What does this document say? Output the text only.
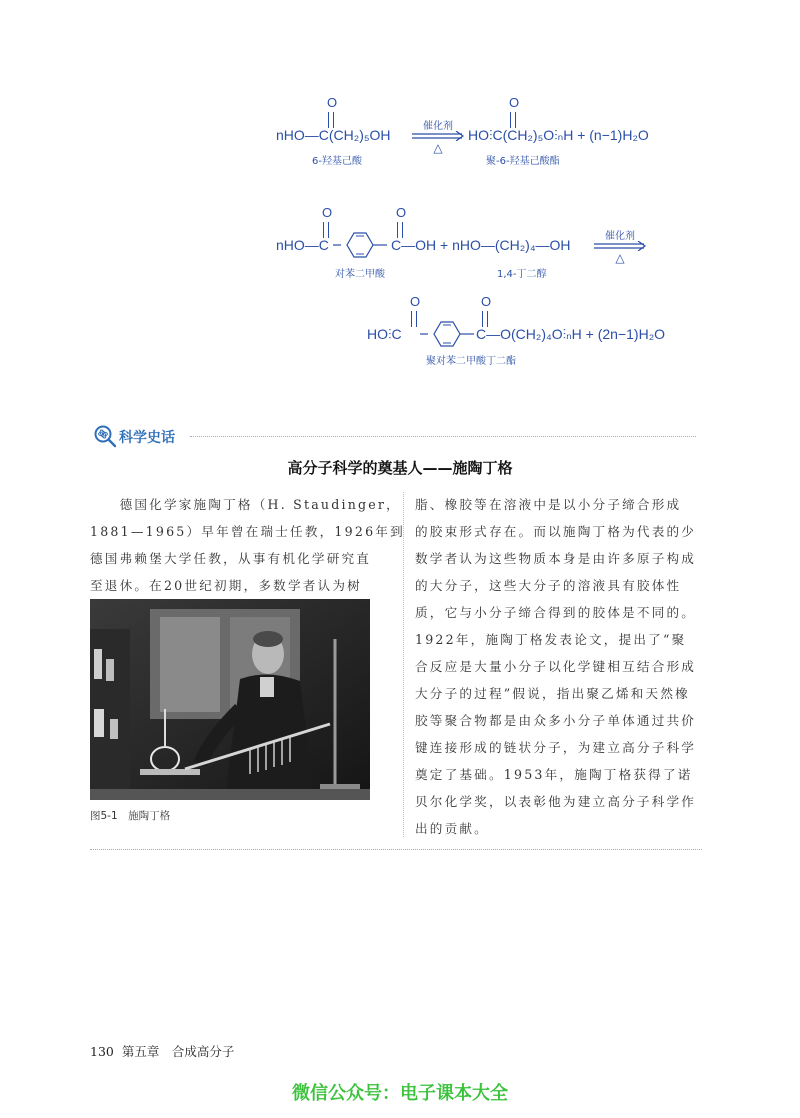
O
nHO—C(CH₂)₅OH
6-羟基己酸
催化剂
△
O
HO⫶C(CH₂)₅O⫶ₙH + (n−1)H₂O
聚-6-羟基己酸酯
O	O
nHO—C	C—OH + nHO—(CH₂)₄—OH
对苯二甲酸	1,4-丁二醇
催化剂
△
O	O
HO⫶C	C—O(CH₂)₄O⫶ₙH + (2n−1)H₂O
聚对苯二甲酸丁二酯
科学史话
高分子科学的奠基人——施陶丁格
　　德国化学家施陶丁格（H. Staudinger，
1881—1965）早年曾在瑞士任教，1926年到
德国弗赖堡大学任教，从事有机化学研究直
至退休。在20世纪初期，多数学者认为树
图5-1　施陶丁格
脂、橡胶等在溶液中是以小分子缔合形成
的胶束形式存在。而以施陶丁格为代表的少
数学者认为这些物质本身是由许多原子构成
的大分子，这些大分子的溶液具有胶体性
质，它与小分子缔合得到的胶体是不同的。
1922年，施陶丁格发表论文，提出了“聚
合反应是大量小分子以化学键相互结合形成
大分子的过程”假说，指出聚乙烯和天然橡
胶等聚合物都是由众多小分子单体通过共价
键连接形成的链状分子，为建立高分子科学
奠定了基础。1953年，施陶丁格获得了诺
贝尔化学奖，以表彰他为建立高分子科学作
出的贡献。
130 第五章　合成高分子
微信公众号：电子课本大全
